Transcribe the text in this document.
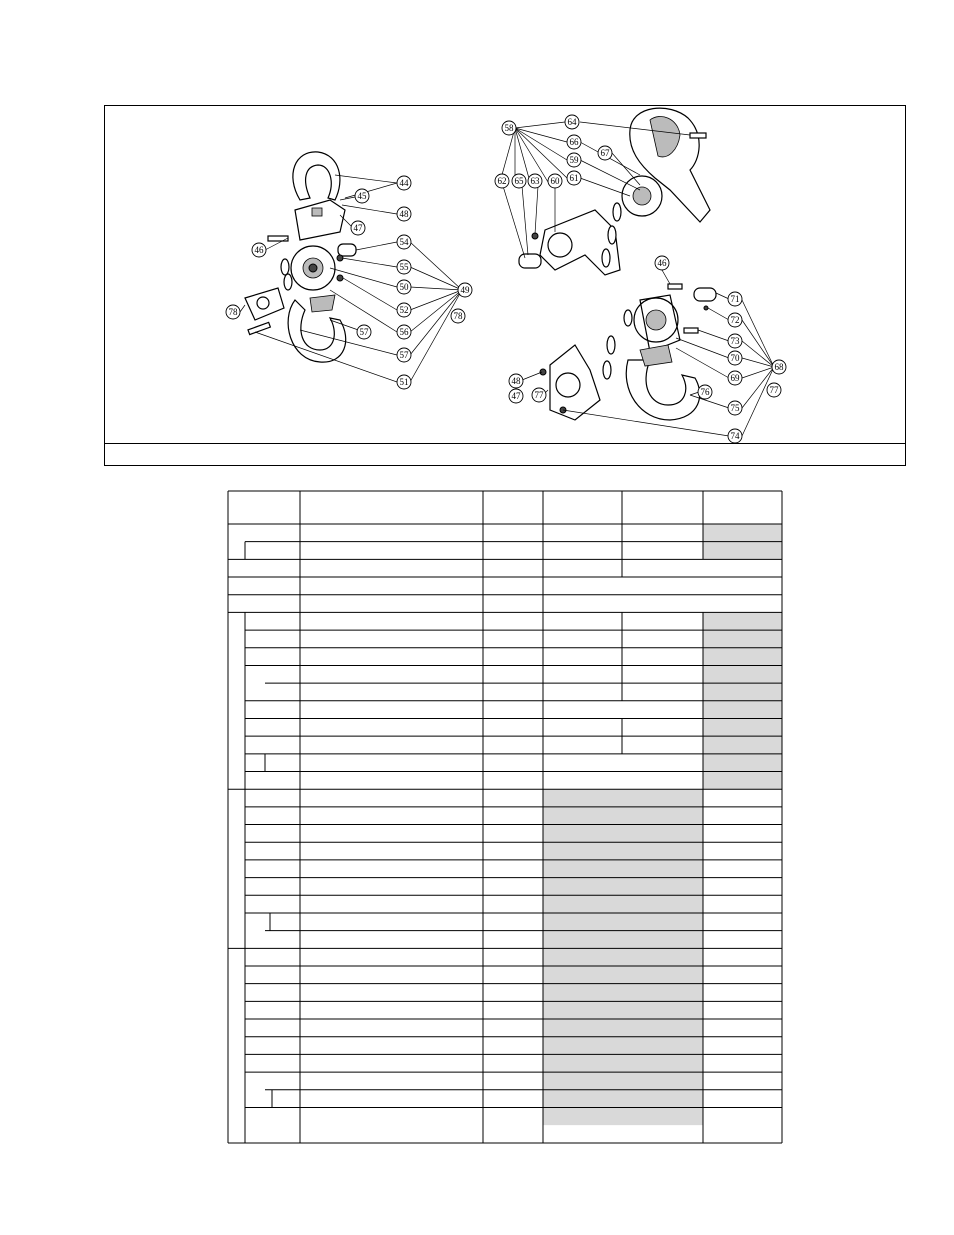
44
45
48
47
46
54
55
50	49
52
78	78
57	56
57
51
58
64
66
67
59
61
62 65 63 60
46
71
72
73
70
68
69
77
48
76
47 77
75
74
